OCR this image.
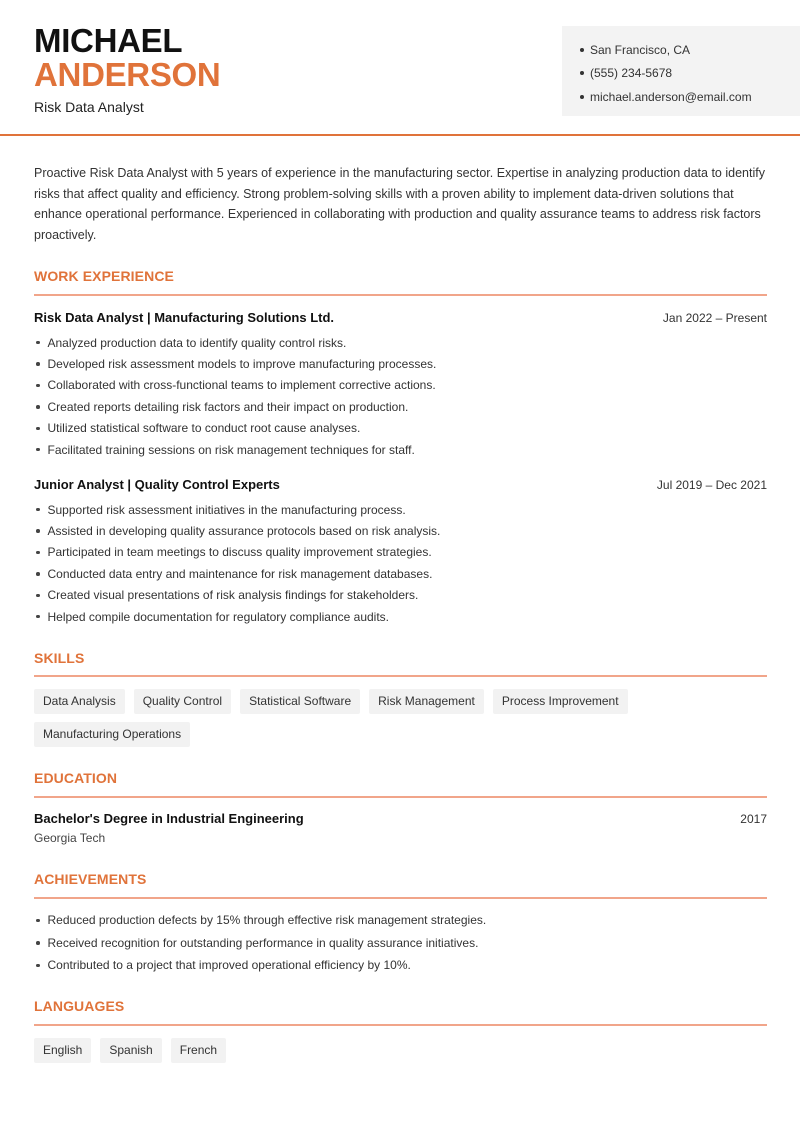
MICHAEL
ANDERSON
Risk Data Analyst
San Francisco, CA
(555) 234-5678
michael.anderson@email.com

Proactive Risk Data Analyst with 5 years of experience in the manufacturing sector. Expertise in analyzing production data to identify risks that affect quality and efficiency. Strong problem-solving skills with a proven ability to implement data-driven solutions that enhance operational performance. Experienced in collaborating with production and quality assurance teams to address risk factors proactively.

WORK EXPERIENCE
Risk Data Analyst | Manufacturing Solutions Ltd.	Jan 2022 – Present
Analyzed production data to identify quality control risks.
Developed risk assessment models to improve manufacturing processes.
Collaborated with cross-functional teams to implement corrective actions.
Created reports detailing risk factors and their impact on production.
Utilized statistical software to conduct root cause analyses.
Facilitated training sessions on risk management techniques for staff.
Junior Analyst | Quality Control Experts	Jul 2019 – Dec 2021
Supported risk assessment initiatives in the manufacturing process.
Assisted in developing quality assurance protocols based on risk analysis.
Participated in team meetings to discuss quality improvement strategies.
Conducted data entry and maintenance for risk management databases.
Created visual presentations of risk analysis findings for stakeholders.
Helped compile documentation for regulatory compliance audits.
SKILLS
Data Analysis	Quality Control	Statistical Software	Risk Management	Process Improvement
Manufacturing Operations
EDUCATION
Bachelor's Degree in Industrial Engineering	2017
Georgia Tech
ACHIEVEMENTS
Reduced production defects by 15% through effective risk management strategies.
Received recognition for outstanding performance in quality assurance initiatives.
Contributed to a project that improved operational efficiency by 10%.
LANGUAGES
English	Spanish	French
